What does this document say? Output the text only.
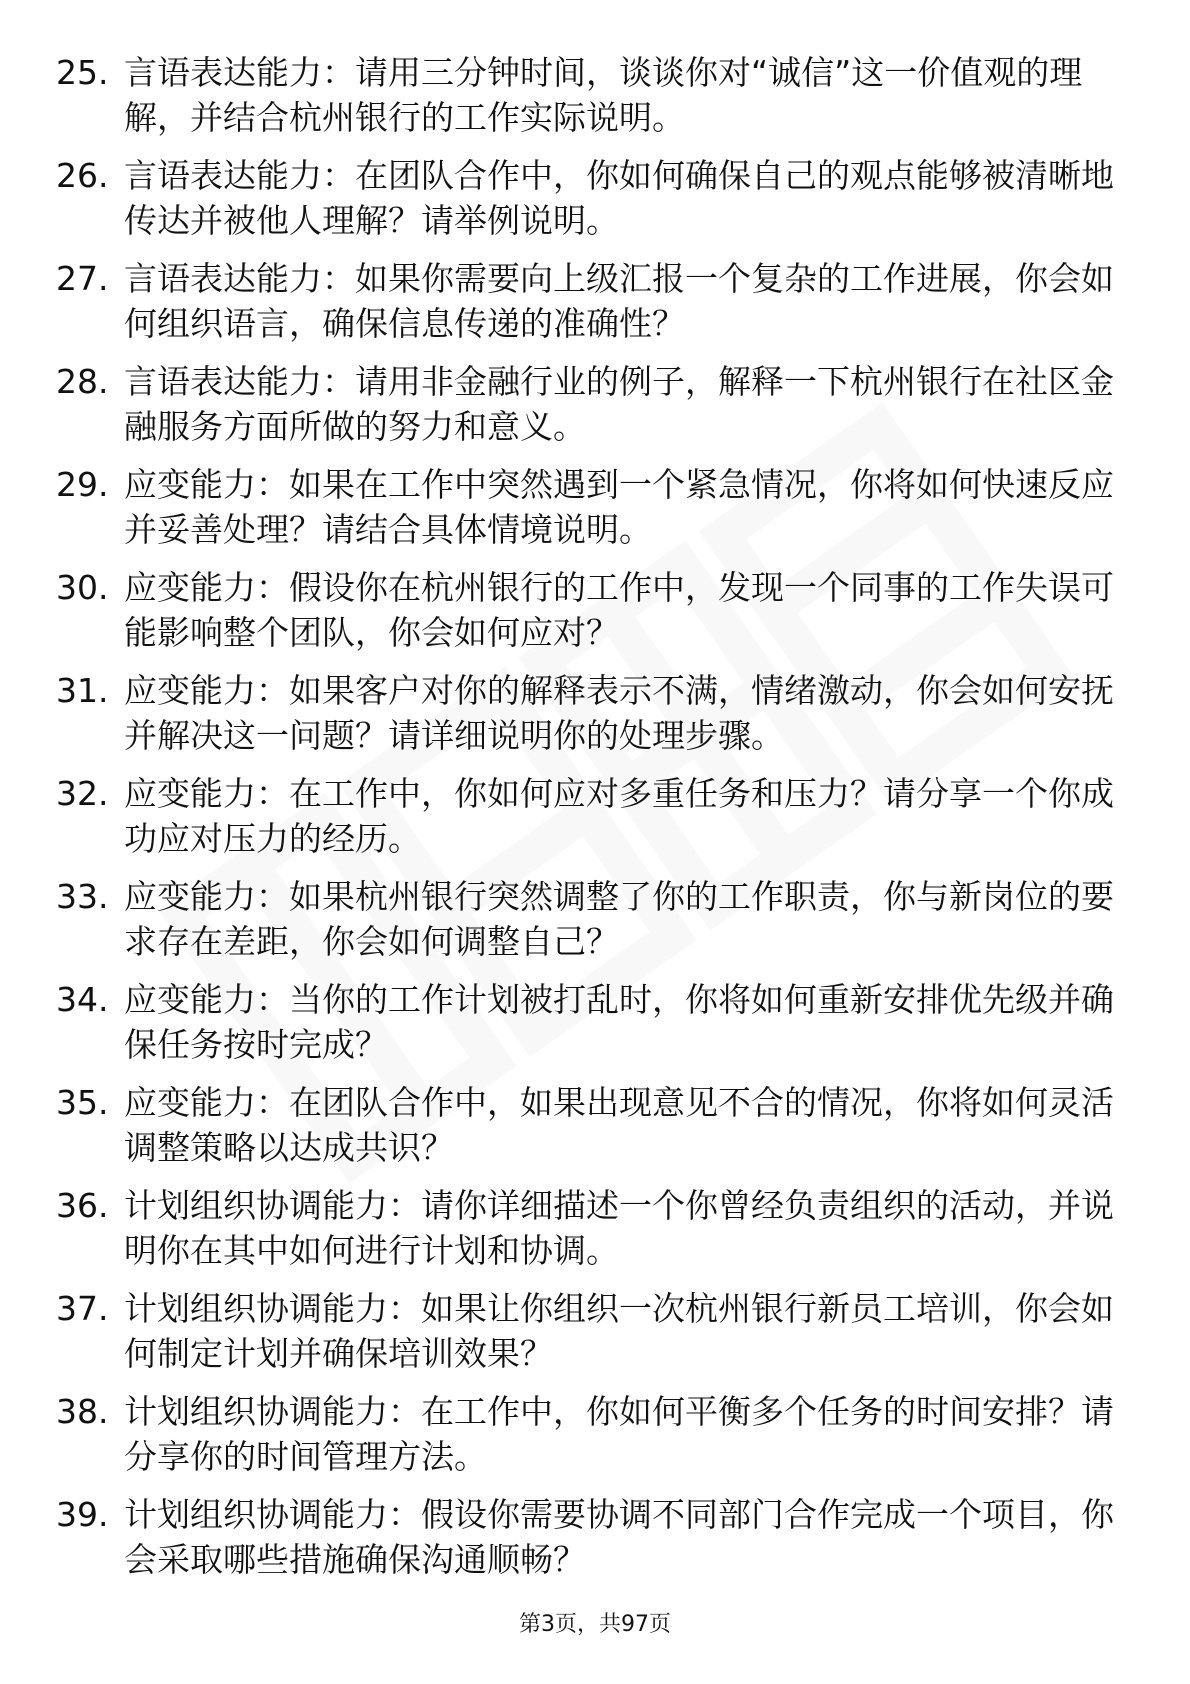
25. 言语表达能力：请用三分钟时间，谈谈你对“诚信”这一价值观的理解，并结合杭州银行的工作实际说明。
26. 言语表达能力：在团队合作中，你如何确保自己的观点能够被清晰地传达并被他人理解？请举例说明。
27. 言语表达能力：如果你需要向上级汇报一个复杂的工作进展，你会如何组织语言，确保信息传递的准确性？
28. 言语表达能力：请用非金融行业的例子，解释一下杭州银行在社区金融服务方面所做的努力和意义。
29. 应变能力：如果在工作中突然遇到一个紧急情况，你将如何快速反应并妥善处理？请结合具体情境说明。
30. 应变能力：假设你在杭州银行的工作中，发现一个同事的工作失误可能影响整个团队，你会如何应对？
31. 应变能力：如果客户对你的解释表示不满，情绪激动，你会如何安抚并解决这一问题？请详细说明你的处理步骤。
32. 应变能力：在工作中，你如何应对多重任务和压力？请分享一个你成功应对压力的经历。
33. 应变能力：如果杭州银行突然调整了你的工作职责，你与新岗位的要求存在差距，你会如何调整自己？
34. 应变能力：当你的工作计划被打乱时，你将如何重新安排优先级并确保任务按时完成？
35. 应变能力：在团队合作中，如果出现意见不合的情况，你将如何灵活调整策略以达成共识？
36. 计划组织协调能力：请你详细描述一个你曾经负责组织的活动，并说明你在其中如何进行计划和协调。
37. 计划组织协调能力：如果让你组织一次杭州银行新员工培训，你会如何制定计划并确保培训效果？
38. 计划组织协调能力：在工作中，你如何平衡多个任务的时间安排？请分享你的时间管理方法。
39. 计划组织协调能力：假设你需要协调不同部门合作完成一个项目，你会采取哪些措施确保沟通顺畅？
第3页，共97页
